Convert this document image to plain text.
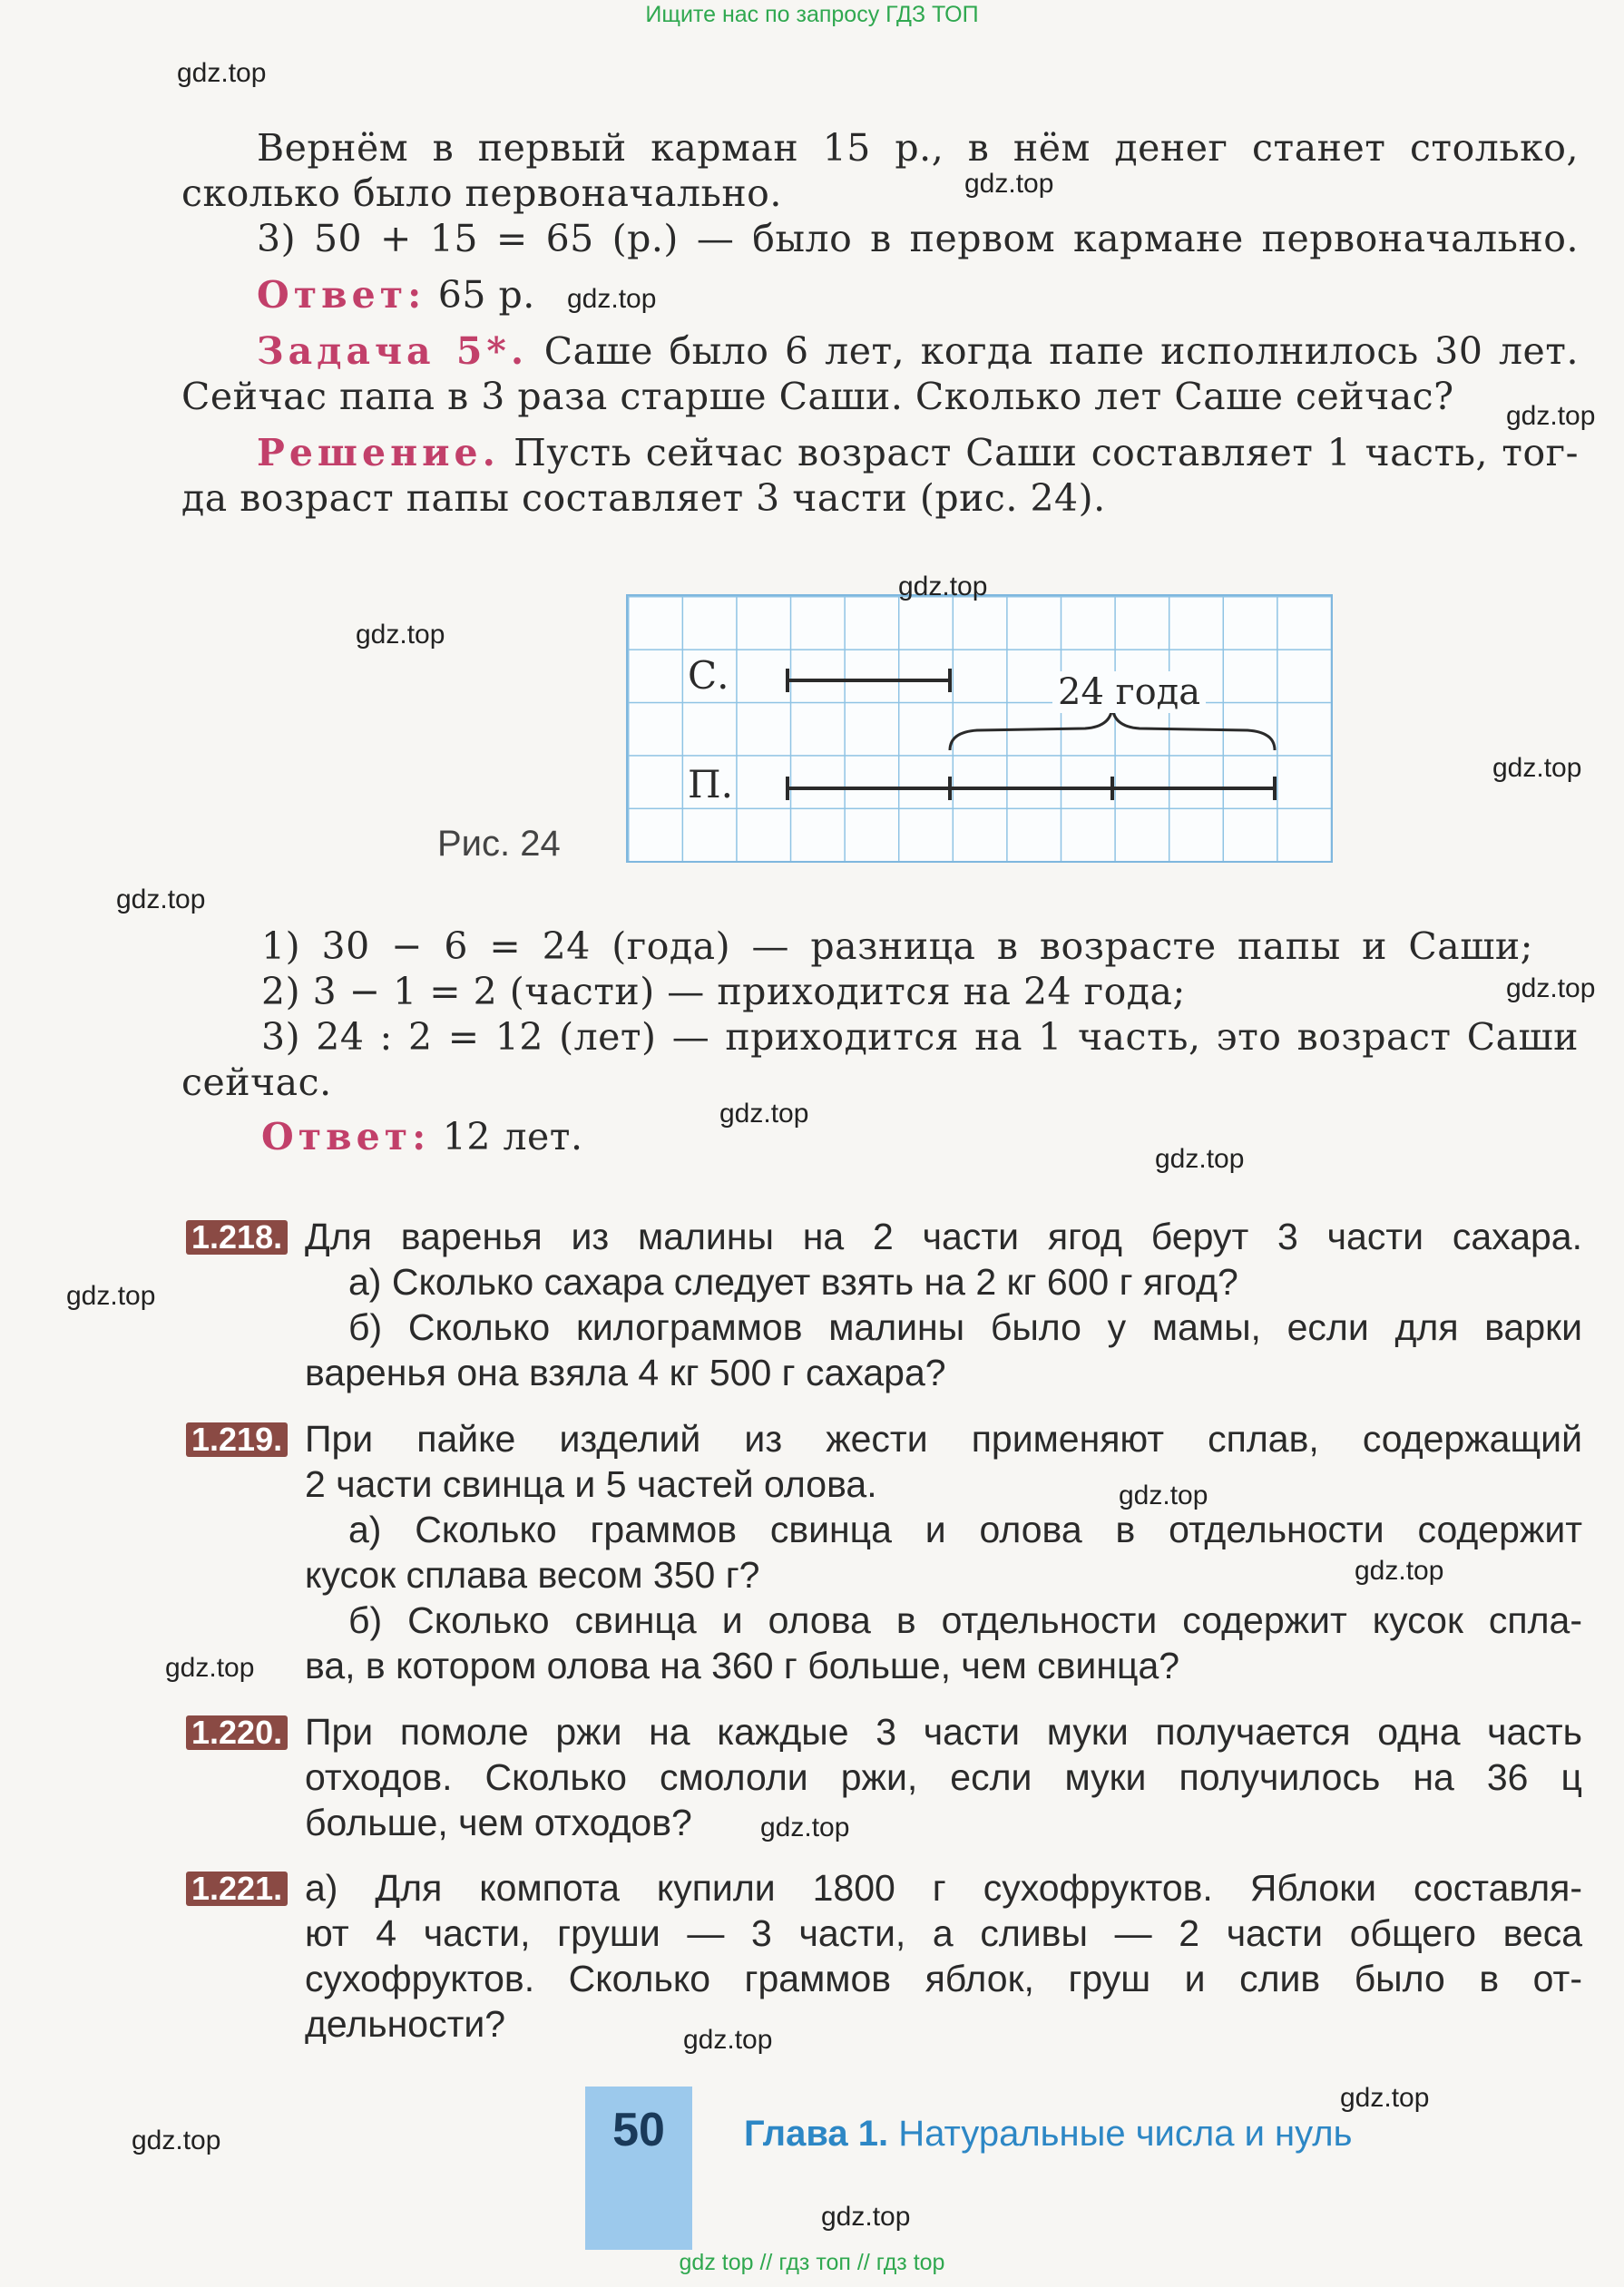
Ищите нас по запросу ГДЗ ТОП
Вернём в первый карман 15 р., в нём денег станет столько,
сколько было первоначально.
3) 50 + 15 = 65 (р.) — было в первом кармане первоначально.
Ответ: 65 р.
Задача 5*. Саше было 6 лет, когда папе исполнилось 30 лет.
Сейчас папа в 3 раза старше Саши. Сколько лет Саше сейчас?
Решение. Пусть сейчас возраст Саши составляет 1 часть, тог-
да возраст папы составляет 3 части (рис. 24).
С.
П.
24 года
Рис. 24
1) 30 − 6 = 24 (года) — разница в возрасте папы и Саши;
2) 3 − 1 = 2 (части) — приходится на 24 года;
3) 24 : 2 = 12 (лет) — приходится на 1 часть, это возраст Саши
сейчас.
Ответ: 12 лет.
1.218. Для варенья из малины на 2 части ягод берут 3 части сахара.
а) Сколько сахара следует взять на 2 кг 600 г ягод?
б) Сколько килограммов малины было у мамы, если для варки
варенья она взяла 4 кг 500 г сахара?
1.219. При пайке изделий из жести применяют сплав, содержащий
2 части свинца и 5 частей олова.
а) Сколько граммов свинца и олова в отдельности содержит
кусок сплава весом 350 г?
б) Сколько свинца и олова в отдельности содержит кусок спла-
ва, в котором олова на 360 г больше, чем свинца?
1.220. При помоле ржи на каждые 3 части муки получается одна часть
отходов. Сколько смололи ржи, если муки получилось на 36 ц
больше, чем отходов?
1.221. а) Для компота купили 1800 г сухофруктов. Яблоки составля-
ют 4 части, груши — 3 части, а сливы — 2 части общего веса
сухофруктов. Сколько граммов яблок, груш и слив было в от-
дельности?
50	Глава 1. Натуральные числа и нуль
gdz top // гдз топ // гдз top
gdz.top
gdz.top
gdz.top
gdz.top
gdz.top
gdz.top
gdz.top
gdz.top
gdz.top
gdz.top
gdz.top
gdz.top
gdz.top
gdz.top
gdz.top
gdz.top
gdz.top
gdz.top
gdz.top
gdz.top
